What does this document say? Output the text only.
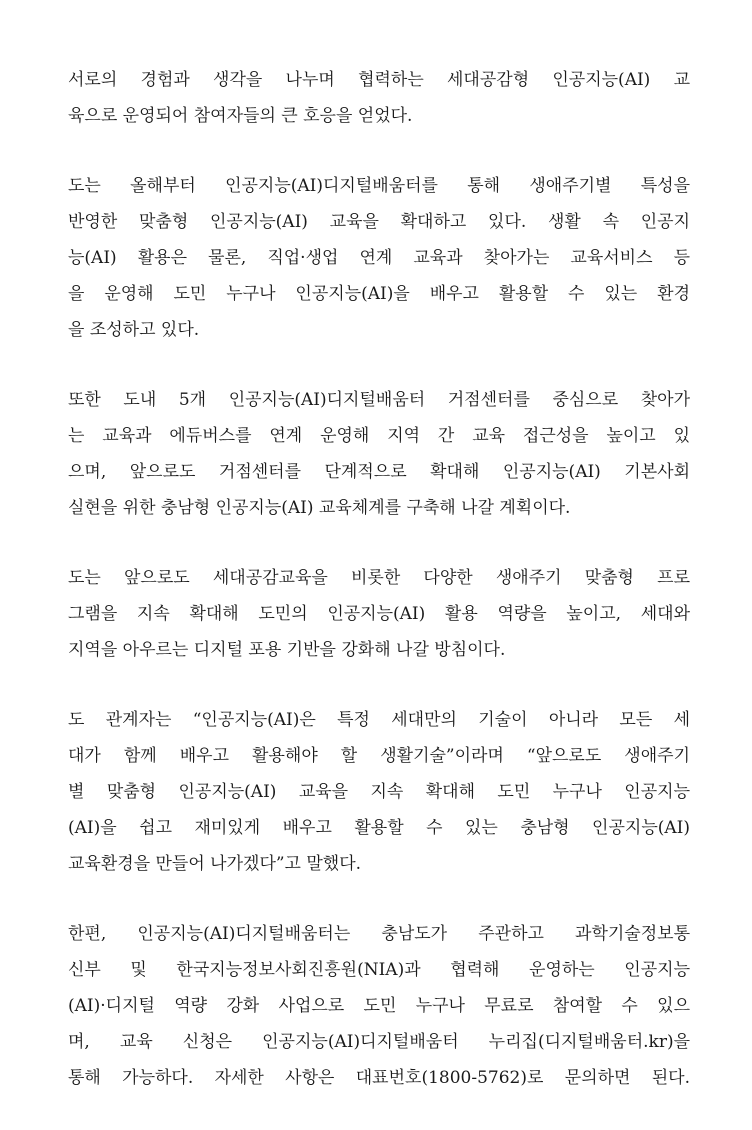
서로의 경험과 생각을 나누며 협력하는 세대공감형 인공지능(AI) 교
육으로 운영되어 참여자들의 큰 호응을 얻었다.
도는 올해부터 인공지능(AI)디지털배움터를 통해 생애주기별 특성을
반영한 맞춤형 인공지능(AI) 교육을 확대하고 있다. 생활 속 인공지
능(AI) 활용은 물론, 직업·생업 연계 교육과 찾아가는 교육서비스 등
을 운영해 도민 누구나 인공지능(AI)을 배우고 활용할 수 있는 환경
을 조성하고 있다.
또한 도내 5개 인공지능(AI)디지털배움터 거점센터를 중심으로 찾아가
는 교육과 에듀버스를 연계 운영해 지역 간 교육 접근성을 높이고 있
으며, 앞으로도 거점센터를 단계적으로 확대해 인공지능(AI) 기본사회
실현을 위한 충남형 인공지능(AI) 교육체계를 구축해 나갈 계획이다.
도는 앞으로도 세대공감교육을 비롯한 다양한 생애주기 맞춤형 프로
그램을 지속 확대해 도민의 인공지능(AI) 활용 역량을 높이고, 세대와
지역을 아우르는 디지털 포용 기반을 강화해 나갈 방침이다.
도 관계자는 “인공지능(AI)은 특정 세대만의 기술이 아니라 모든 세
대가 함께 배우고 활용해야 할 생활기술”이라며 “앞으로도 생애주기
별 맞춤형 인공지능(AI) 교육을 지속 확대해 도민 누구나 인공지능
(AI)을 쉽고 재미있게 배우고 활용할 수 있는 충남형 인공지능(AI)
교육환경을 만들어 나가겠다”고 말했다.
한편, 인공지능(AI)디지털배움터는 충남도가 주관하고 과학기술정보통
신부 및 한국지능정보사회진흥원(NIA)과 협력해 운영하는 인공지능
(AI)·디지털 역량 강화 사업으로 도민 누구나 무료로 참여할 수 있으
며, 교육 신청은 인공지능(AI)디지털배움터 누리집(디지털배움터.kr)을
통해 가능하다. 자세한 사항은 대표번호(1800-5762)로 문의하면 된다.
